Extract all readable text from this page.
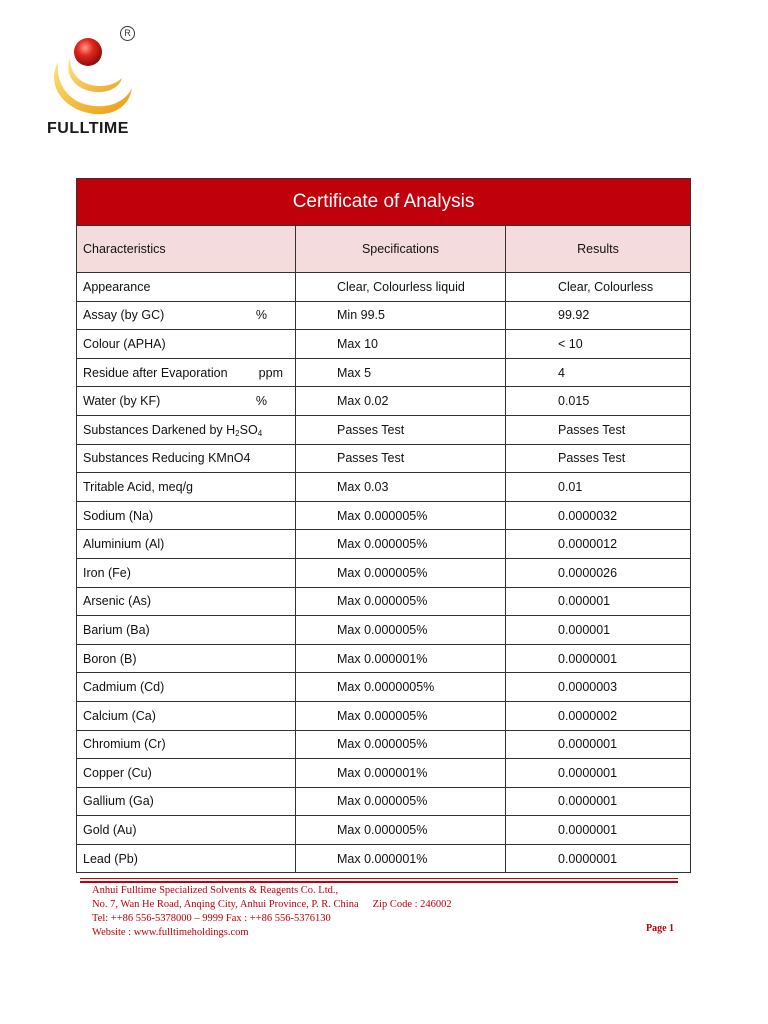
R
FULLTIME
Certificate of Analysis		
Characteristics	Specifications	Results

Appearance	Clear, Colourless liquid	Clear, Colourless

Assay (by GC) %	Min 99.5	99.92

Colour (APHA)	Max 10	< 10

Residue after Evaporation ppm	Max 5	4

Water (by KF) %	Max 0.02	0.015

Substances Darkened by $H_2SO_4$	Passes Test	Passes Test

Substances Reducing KMnO4	Passes Test	Passes Test

Tritable Acid, meq/g	Max 0.03	0.01

Sodium (Na)	Max 0.000005%	0.0000032

Aluminium (Al)	Max 0.000005%	0.0000012

Iron (Fe)	Max 0.000005%	0.0000026

Arsenic (As)	Max 0.000005%	0.000001

Barium (Ba)	Max 0.000005%	0.000001

Boron (B)	Max 0.000001%	0.0000001

Cadmium (Cd)	Max 0.0000005%	0.0000003

Calcium (Ca)	Max 0.000005%	0.0000002

Chromium (Cr)	Max 0.000005%	0.0000001

Copper (Cu)	Max 0.000001%	0.0000001

Gallium (Ga)	Max 0.000005%	0.0000001

Gold (Au)	Max 0.000005%	0.0000001

Lead (Pb)	Max 0.000001%	0.0000001
Anhui Fulltime Specialized Solvents & Reagents Co. Ltd.,
No. 7, Wan He Road, Anqing City, Anhui Province, P. R. China Zip Code : 246002
Tel: ++86 556-5378000 – 9999 Fax : ++86 556-5376130
Website : www.fulltimeholdings.com	Page 1
